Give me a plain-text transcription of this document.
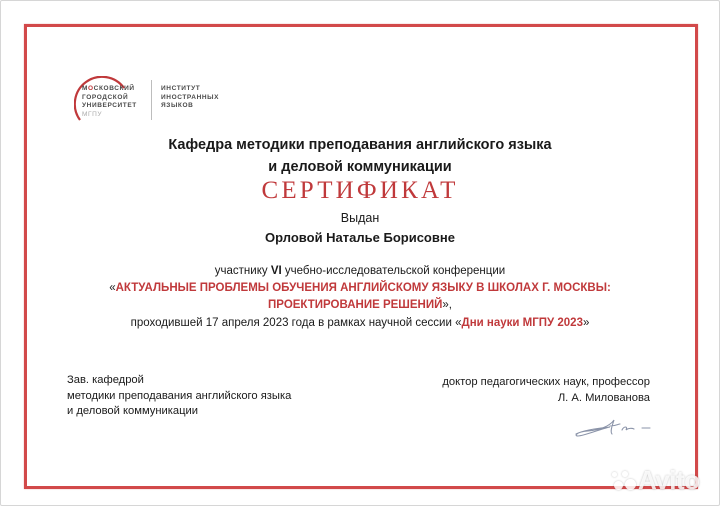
МОСКОВСКИЙ
ГОРОДСКОЙ
УНИВЕРСИТЕТ
МГПУ
ИНСТИТУТ
ИНОСТРАННЫХ
ЯЗЫКОВ
Кафедра методики преподавания английского языка
и деловой коммуникации
СЕРТИФИКАТ
Выдан
Орловой Наталье Борисовне
участнику VI учебно-исследовательской конференции
«АКТУАЛЬНЫЕ ПРОБЛЕМЫ ОБУЧЕНИЯ АНГЛИЙСКОМУ ЯЗЫКУ В ШКОЛАХ Г. МОСКВЫ:
ПРОЕКТИРОВАНИЕ РЕШЕНИЙ»,
проходившей 17 апреля 2023 года в рамках научной сессии «Дни науки МГПУ 2023»
Зав. кафедрой
методики преподавания английского языка
и деловой коммуникации
доктор педагогических наук, профессор
Л. А. Милованова
Avito
